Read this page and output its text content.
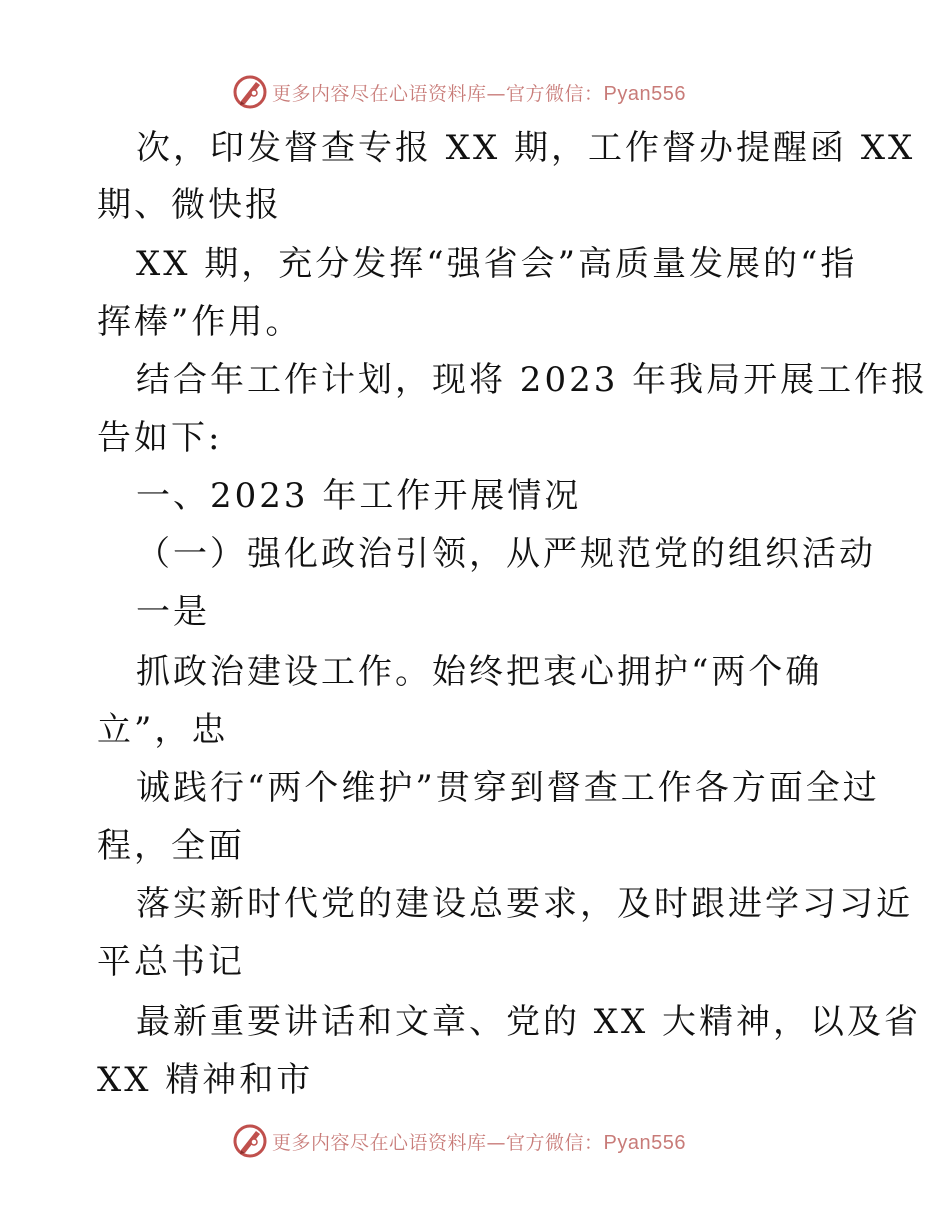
更多内容尽在心语资料库—官方微信：Pyan556
次，印发督查专报 XX 期，工作督办提醒函 XX
期、微快报
XX 期，充分发挥“强省会”高质量发展的“指
挥棒”作用。
结合年工作计划，现将 2023 年我局开展工作报
告如下:
一、2023 年工作开展情况
（一）强化政治引领，从严规范党的组织活动
一是
抓政治建设工作。始终把衷心拥护“两个确
立”，忠
诚践行“两个维护”贯穿到督查工作各方面全过
程，全面
落实新时代党的建设总要求，及时跟进学习习近
平总书记
最新重要讲话和文章、党的 XX 大精神，以及省
XX 精神和市
更多内容尽在心语资料库—官方微信：Pyan556
